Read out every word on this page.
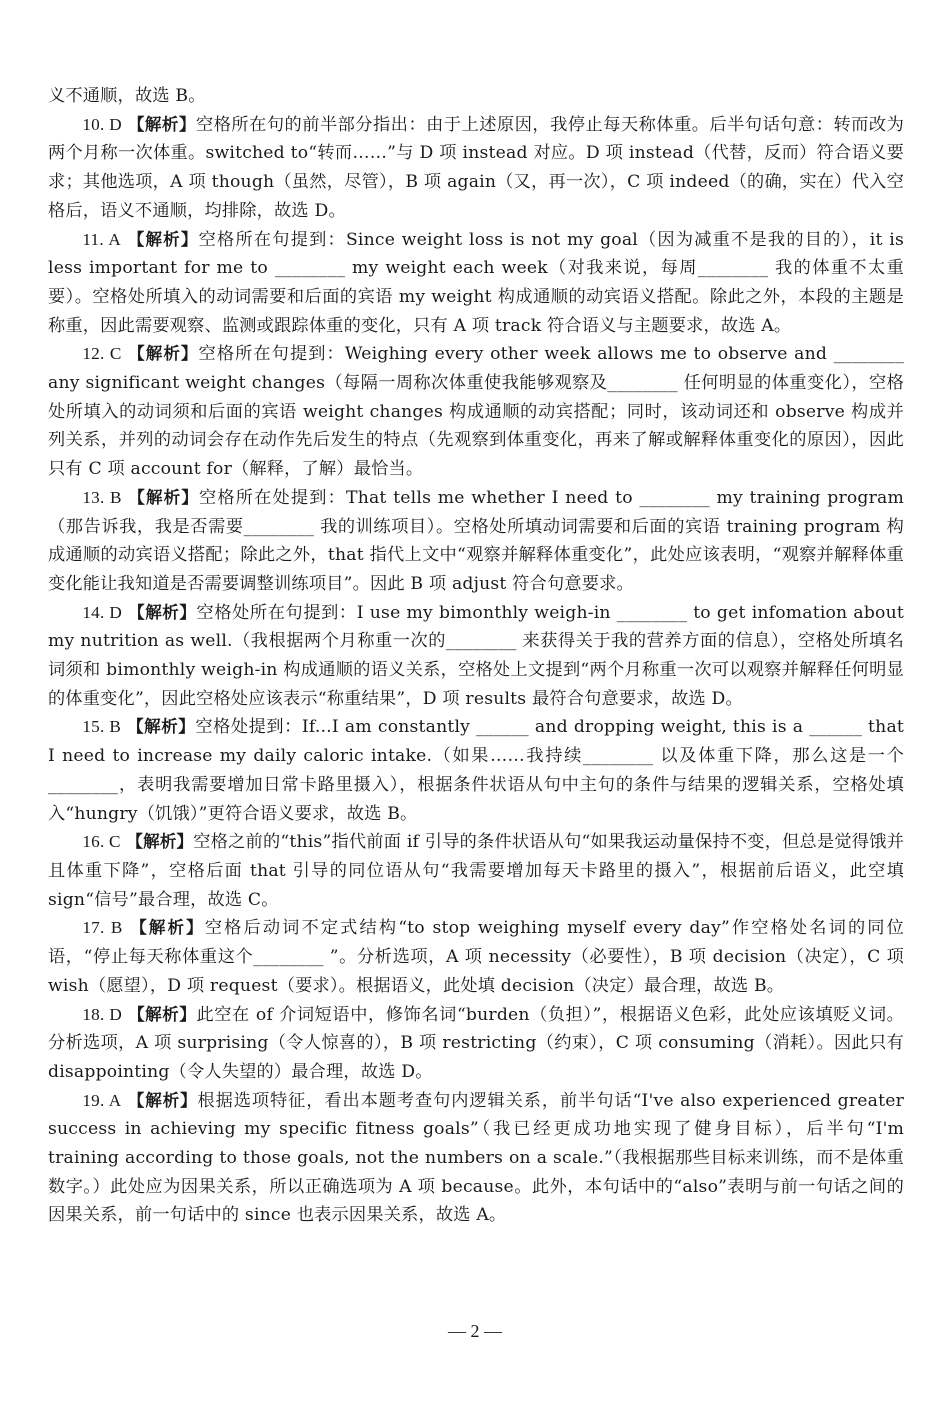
义不通顺，故选 B。

10. D 【解析】空格所在句的前半部分指出：由于上述原因，我停止每天称体重。后半句话句意：转而改为两个月称一次体重。switched to“转而……”与 D 项 instead 对应。D 项 instead（代替，反而）符合语义要求；其他选项，A 项 though（虽然，尽管），B 项 again（又，再一次），C 项 indeed（的确，实在）代入空格后，语义不通顺，均排除，故选 D。

11. A 【解析】空格所在句提到：Since weight loss is not my goal（因为减重不是我的目的），it is less important for me to ________ my weight each week（对我来说，每周________ 我的体重不太重要）。空格处所填入的动词需要和后面的宾语 my weight 构成通顺的动宾语义搭配。除此之外，本段的主题是称重，因此需要观察、监测或跟踪体重的变化，只有 A 项 track 符合语义与主题要求，故选 A。

12. C 【解析】空格所在句提到：Weighing every other week allows me to observe and ________ any significant weight changes（每隔一周称次体重使我能够观察及________ 任何明显的体重变化），空格处所填入的动词须和后面的宾语 weight changes 构成通顺的动宾搭配；同时，该动词还和 observe 构成并列关系，并列的动词会存在动作先后发生的特点（先观察到体重变化，再来了解或解释体重变化的原因），因此只有 C 项 account for（解释，了解）最恰当。

13. B 【解析】空格所在处提到：That tells me whether I need to ________ my training program（那告诉我，我是否需要________ 我的训练项目）。空格处所填动词需要和后面的宾语 training program 构成通顺的动宾语义搭配；除此之外，that 指代上文中“观察并解释体重变化”，此处应该表明，“观察并解释体重变化能让我知道是否需要调整训练项目”。因此 B 项 adjust 符合句意要求。

14. D 【解析】空格处所在句提到：I use my bimonthly weigh-in ________ to get infomation about my nutrition as well.（我根据两个月称重一次的________ 来获得关于我的营养方面的信息），空格处所填名词须和 bimonthly weigh-in 构成通顺的语义关系，空格处上文提到“两个月称重一次可以观察并解释任何明显的体重变化”，因此空格处应该表示“称重结果”，D 项 results 最符合句意要求，故选 D。

15. B 【解析】空格处提到：If...I am constantly ______ and dropping weight, this is a ______ that I need to increase my daily caloric intake.（如果……我持续________ 以及体重下降，那么这是一个________，表明我需要增加日常卡路里摄入），根据条件状语从句中主句的条件与结果的逻辑关系，空格处填入“hungry（饥饿）”更符合语义要求，故选 B。

16. C 【解析】空格之前的“this”指代前面 if 引导的条件状语从句“如果我运动量保持不变，但总是觉得饿并且体重下降”，空格后面 that 引导的同位语从句“我需要增加每天卡路里的摄入”，根据前后语义，此空填 sign“信号”最合理，故选 C。

17. B 【解析】空格后动词不定式结构“to stop weighing myself every day”作空格处名词的同位语，“停止每天称体重这个________ ”。分析选项，A 项 necessity（必要性），B 项 decision（决定），C 项 wish（愿望），D 项 request（要求）。根据语义，此处填 decision（决定）最合理，故选 B。

18. D 【解析】此空在 of 介词短语中，修饰名词“burden（负担）”，根据语义色彩，此处应该填贬义词。分析选项，A 项 surprising（令人惊喜的），B 项 restricting（约束），C 项 consuming（消耗）。因此只有 disappointing（令人失望的）最合理，故选 D。

19. A 【解析】根据选项特征，看出本题考查句内逻辑关系，前半句话“I've also experienced greater success in achieving my specific fitness goals”（我已经更成功地实现了健身目标），后半句“I'm training according to those goals, not the numbers on a scale.”（我根据那些目标来训练，而不是体重数字。）此处应为因果关系，所以正确选项为 A 项 because。此外，本句话中的“also”表明与前一句话之间的因果关系，前一句话中的 since 也表示因果关系，故选 A。

— 2 —
